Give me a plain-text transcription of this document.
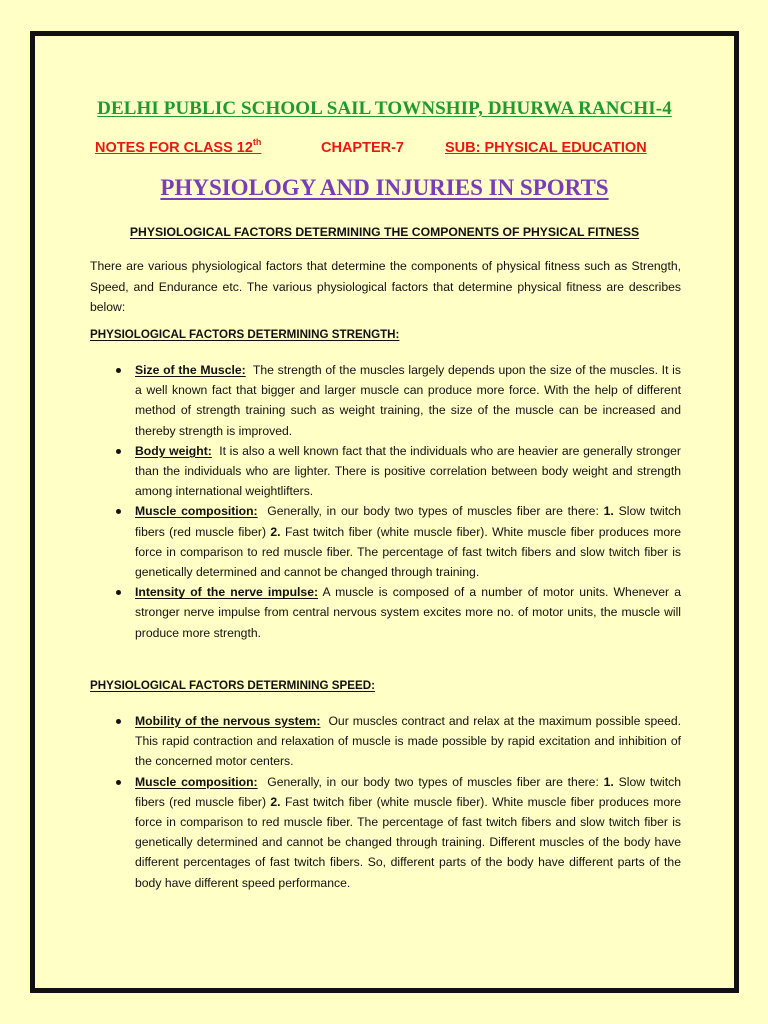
DELHI PUBLIC SCHOOL SAIL TOWNSHIP, DHURWA RANCHI-4
NOTES FOR CLASS 12th	CHAPTER-7	SUB: PHYSICAL EDUCATION
PHYSIOLOGY AND INJURIES IN SPORTS
PHYSIOLOGICAL FACTORS DETERMINING THE COMPONENTS OF PHYSICAL FITNESS
There are various physiological factors that determine the components of physical fitness such as Strength, Speed, and Endurance etc. The various physiological factors that determine physical fitness are describes below:
PHYSIOLOGICAL FACTORS DETERMINING STRENGTH:
Size of the Muscle: The strength of the muscles largely depends upon the size of the muscles. It is a well known fact that bigger and larger muscle can produce more force. With the help of different method of strength training such as weight training, the size of the muscle can be increased and thereby strength is improved.
Body weight: It is also a well known fact that the individuals who are heavier are generally stronger than the individuals who are lighter. There is positive correlation between body weight and strength among international weightlifters.
Muscle composition: Generally, in our body two types of muscles fiber are there: 1. Slow twitch fibers (red muscle fiber) 2. Fast twitch fiber (white muscle fiber). White muscle fiber produces more force in comparison to red muscle fiber. The percentage of fast twitch fibers and slow twitch fiber is genetically determined and cannot be changed through training.
Intensity of the nerve impulse: A muscle is composed of a number of motor units. Whenever a stronger nerve impulse from central nervous system excites more no. of motor units, the muscle will produce more strength.
PHYSIOLOGICAL FACTORS DETERMINING SPEED:
Mobility of the nervous system: Our muscles contract and relax at the maximum possible speed. This rapid contraction and relaxation of muscle is made possible by rapid excitation and inhibition of the concerned motor centers.
Muscle composition: Generally, in our body two types of muscles fiber are there: 1. Slow twitch fibers (red muscle fiber) 2. Fast twitch fiber (white muscle fiber). White muscle fiber produces more force in comparison to red muscle fiber. The percentage of fast twitch fibers and slow twitch fiber is genetically determined and cannot be changed through training. Different muscles of the body have different percentages of fast twitch fibers. So, different parts of the body have different parts of the body have different speed performance.
